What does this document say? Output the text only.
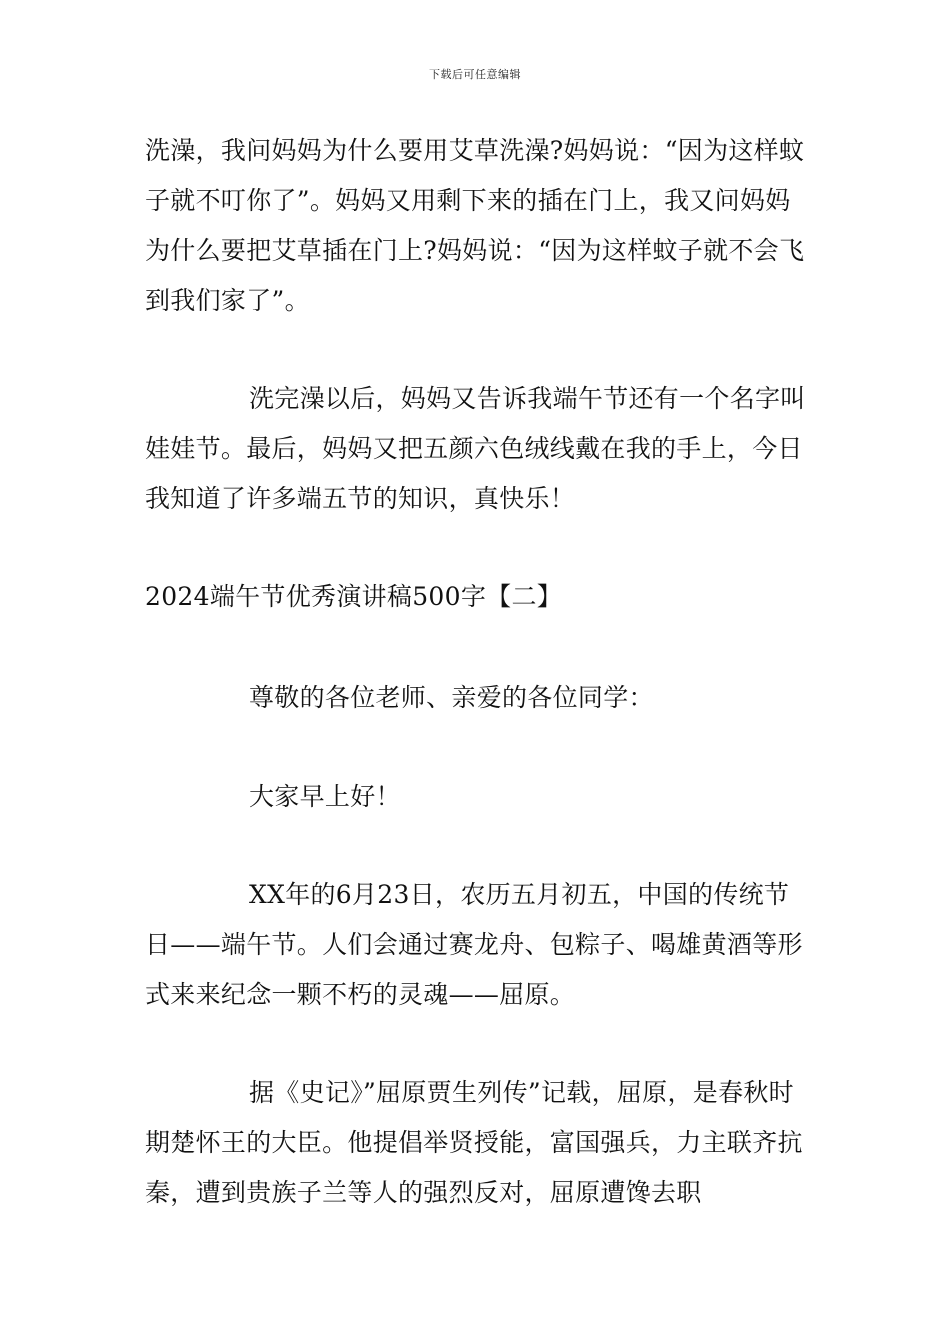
下载后可任意编辑

洗澡，我问妈妈为什么要用艾草洗澡?妈妈说：“因为这样蚊子就不叮你了”。妈妈又用剩下来的插在门上，我又问妈妈为什么要把艾草插在门上?妈妈说：“因为这样蚊子就不会飞到我们家了”。

洗完澡以后，妈妈又告诉我端午节还有一个名字叫娃娃节。最后，妈妈又把五颜六色绒线戴在我的手上，今日我知道了许多端五节的知识，真快乐！

2024端午节优秀演讲稿500字【二】

尊敬的各位老师、亲爱的各位同学：

大家早上好！

XX年的6月23日，农历五月初五，中国的传统节日——端午节。人们会通过赛龙舟、包粽子、喝雄黄酒等形式来来纪念一颗不朽的灵魂——屈原。

据《史记》”屈原贾生列传”记载，屈原，是春秋时期楚怀王的大臣。他提倡举贤授能，富国强兵，力主联齐抗秦，遭到贵族子兰等人的强烈反对，屈原遭馋去职
